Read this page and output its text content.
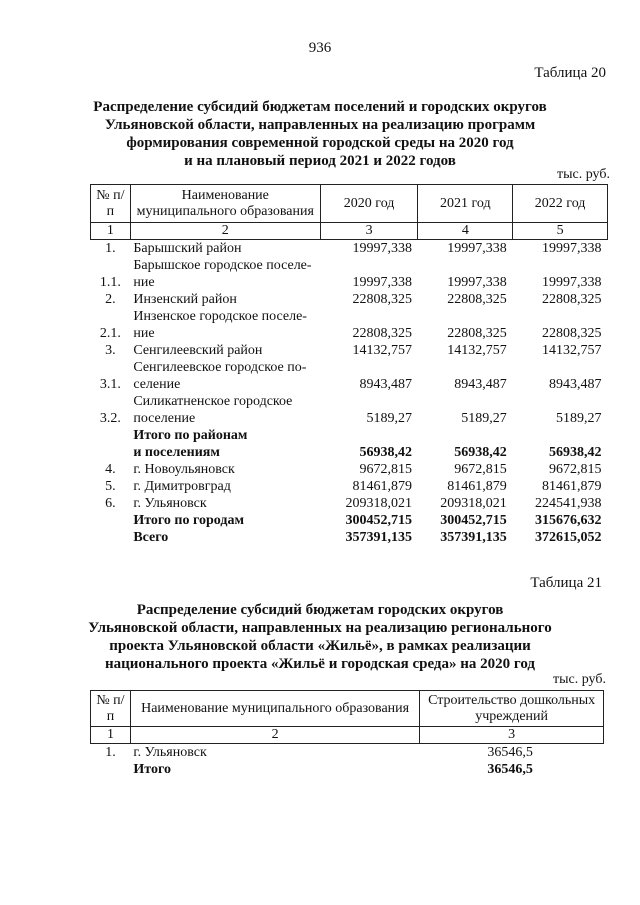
936
Таблица 20
Распределение субсидий бюджетам поселений и городских округов
Ульяновской области, направленных на реализацию программ
формирования современной городской среды на 2020 год
и на плановый период 2021 и 2022 годов
тыс. руб.
№ п/п	Наименование муниципального образования	2020 год	2021 год	2022 год
1	2	3	4	5
1.	Барышский район	19997,338	19997,338	19997,338
1.1.	Барышское городское поселе-
ние	19997,338	19997,338	19997,338
2.	Инзенский район	22808,325	22808,325	22808,325
2.1.	Инзенское городское поселе-
ние	22808,325	22808,325	22808,325
3.	Сенгилеевский район	14132,757	14132,757	14132,757
3.1.	Сенгилеевское городское по-
селение	8943,487	8943,487	8943,487
3.2.	Силикатненское городское
поселение	5189,27	5189,27	5189,27

	Итого по районам
и поселениям	56938,42	56938,42	56938,42
4.	г. Новоульяновск	9672,815	9672,815	9672,815
5.	г. Димитровград	81461,879	81461,879	81461,879
6.	г. Ульяновск	209318,021	209318,021	224541,938

	Итого по городам	300452,715	300452,715	315676,632

	Всего	357391,135	357391,135	372615,052
Таблица 21
Распределение субсидий бюджетам городских округов
Ульяновской области, направленных на реализацию регионального
проекта Ульяновской области «Жильё», в рамках реализации
национального проекта «Жильё и городская среда» на 2020 год
тыс. руб.
№ п/п	Наименование муниципального образования	Строительство дошкольных учреждений
1	2	3
1.	г. Ульяновск	36546,5
	Итого	36546,5
